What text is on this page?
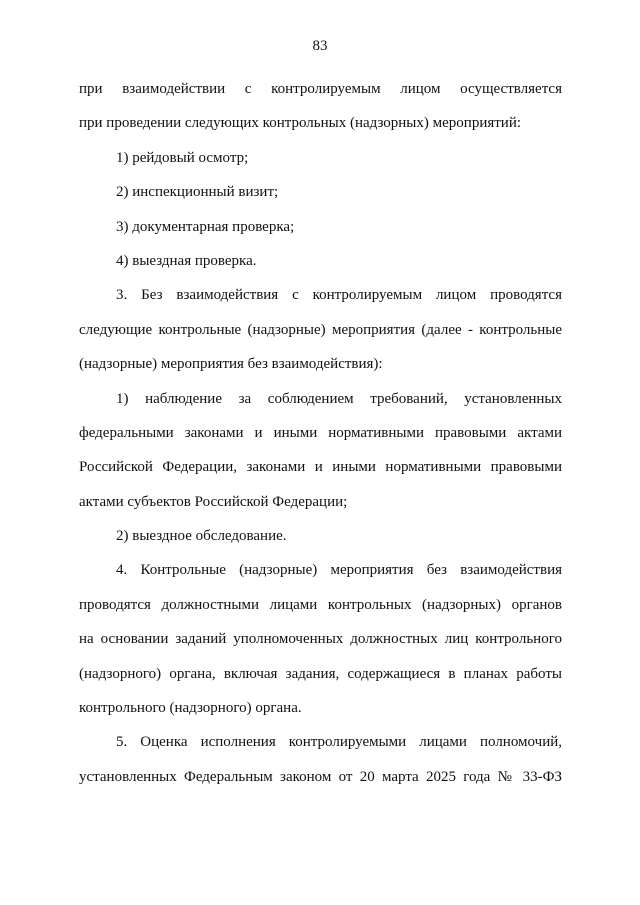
83
при взаимодействии с контролируемым лицом осуществляется
при проведении следующих контрольных (надзорных) мероприятий:
1) рейдовый осмотр;
2) инспекционный визит;
3) документарная проверка;
4) выездная проверка.
3. Без взаимодействия с контролируемым лицом проводятся
следующие контрольные (надзорные) мероприятия (далее - контрольные
(надзорные) мероприятия без взаимодействия):
1) наблюдение за соблюдением требований, установленных
федеральными законами и иными нормативными правовыми актами
Российской Федерации, законами и иными нормативными правовыми
актами субъектов Российской Федерации;
2) выездное обследование.
4. Контрольные (надзорные) мероприятия без взаимодействия
проводятся должностными лицами контрольных (надзорных) органов
на основании заданий уполномоченных должностных лиц контрольного
(надзорного) органа, включая задания, содержащиеся в планах работы
контрольного (надзорного) органа.
5. Оценка исполнения контролируемыми лицами полномочий,
установленных Федеральным законом от 20 марта 2025 года № 33-ФЗ
